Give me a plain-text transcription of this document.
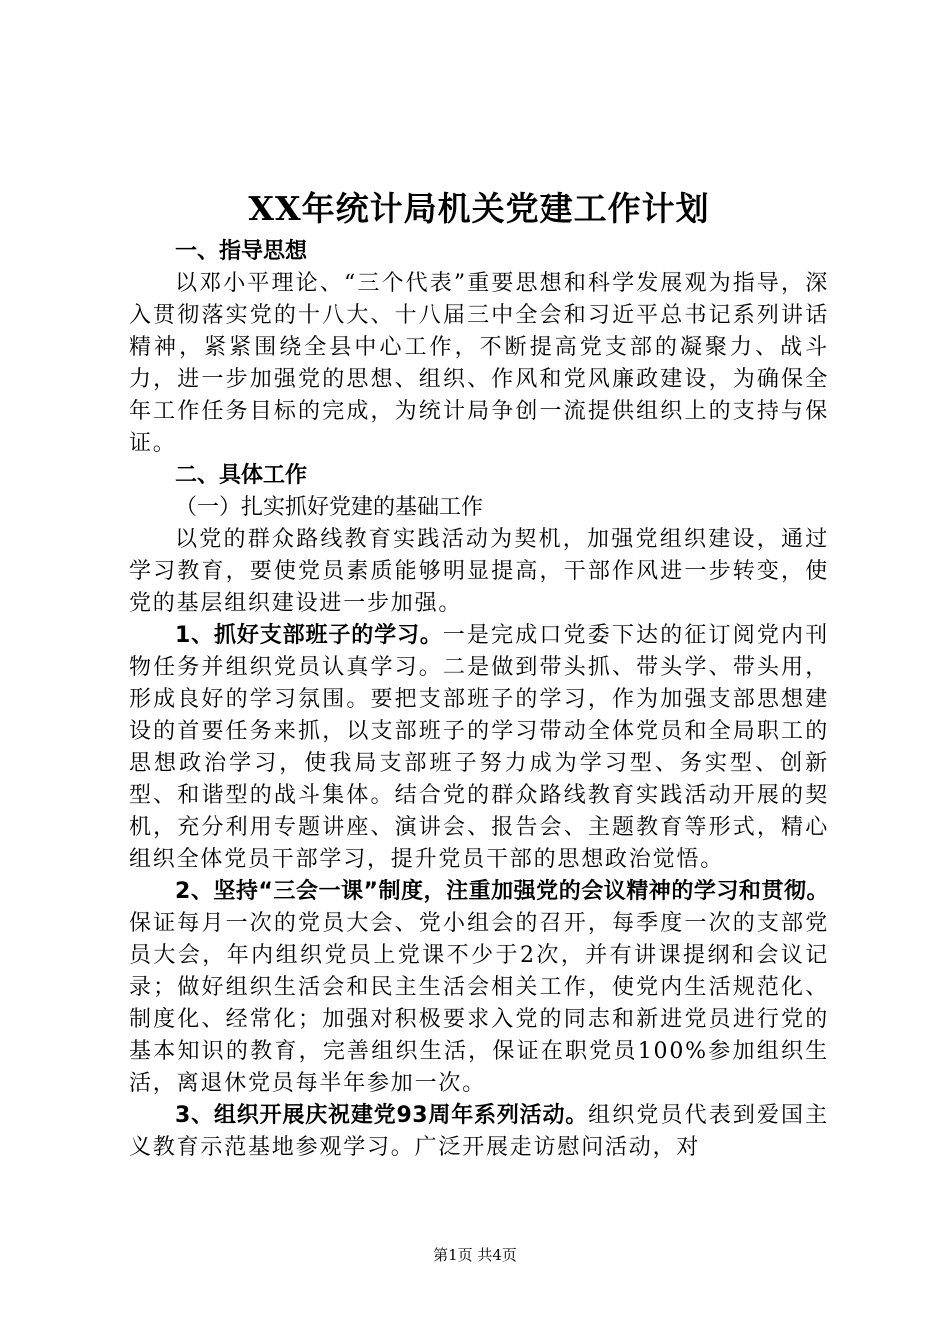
XX年统计局机关党建工作计划

一、指导思想

以邓小平理论、“三个代表”重要思想和科学发展观为指导，深入贯彻落实党的十八大、十八届三中全会和习近平总书记系列讲话精神，紧紧围绕全县中心工作，不断提高党支部的凝聚力、战斗力，进一步加强党的思想、组织、作风和党风廉政建设，为确保全年工作任务目标的完成，为统计局争创一流提供组织上的支持与保证。

二、具体工作

（一）扎实抓好党建的基础工作

以党的群众路线教育实践活动为契机，加强党组织建设，通过学习教育，要使党员素质能够明显提高，干部作风进一步转变，使党的基层组织建设进一步加强。

1、抓好支部班子的学习。一是完成口党委下达的征订阅党内刊物任务并组织党员认真学习。二是做到带头抓、带头学、带头用，形成良好的学习氛围。要把支部班子的学习，作为加强支部思想建设的首要任务来抓，以支部班子的学习带动全体党员和全局职工的思想政治学习，使我局支部班子努力成为学习型、务实型、创新型、和谐型的战斗集体。结合党的群众路线教育实践活动开展的契机，充分利用专题讲座、演讲会、报告会、主题教育等形式，精心组织全体党员干部学习，提升党员干部的思想政治觉悟。

2、坚持“三会一课”制度，注重加强党的会议精神的学习和贯彻。保证每月一次的党员大会、党小组会的召开，每季度一次的支部党员大会，年内组织党员上党课不少于2次，并有讲课提纲和会议记录；做好组织生活会和民主生活会相关工作，使党内生活规范化、制度化、经常化；加强对积极要求入党的同志和新进党员进行党的基本知识的教育，完善组织生活，保证在职党员100%参加组织生活，离退休党员每半年参加一次。

3、组织开展庆祝建党93周年系列活动。组织党员代表到爱国主义教育示范基地参观学习。广泛开展走访慰问活动，对

第1页 共4页
